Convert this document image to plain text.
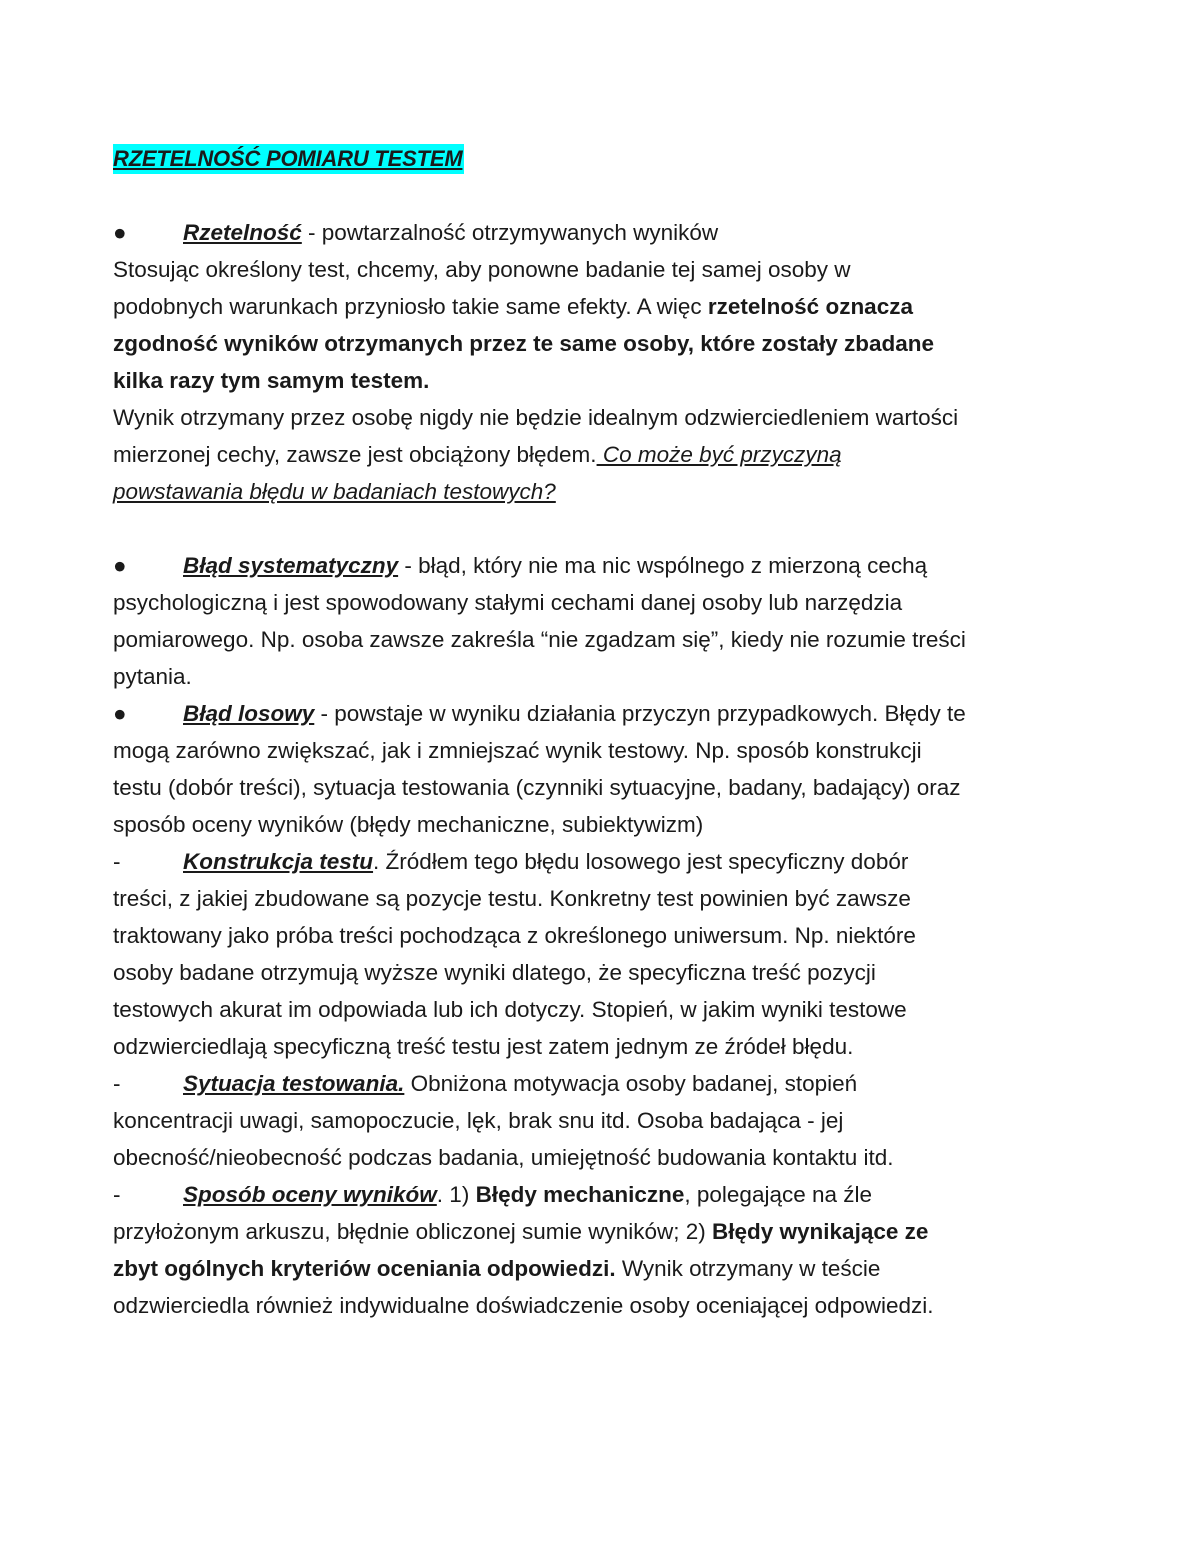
RZETELNOŚĆ POMIARU TESTEM
●	Rzetelność - powtarzalność otrzymywanych wyników
Stosując określony test, chcemy, aby ponowne badanie tej samej osoby w
podobnych warunkach przyniosło takie same efekty. A więc rzetelność oznacza
zgodność wyników otrzymanych przez te same osoby, które zostały zbadane
kilka razy tym samym testem.
Wynik otrzymany przez osobę nigdy nie będzie idealnym odzwierciedleniem wartości
mierzonej cechy, zawsze jest obciążony błędem. Co może być przyczyną
powstawania błędu w badaniach testowych?
●	Błąd systematyczny - błąd, który nie ma nic wspólnego z mierzoną cechą
psychologiczną i jest spowodowany stałymi cechami danej osoby lub narzędzia
pomiarowego. Np. osoba zawsze zakreśla “nie zgadzam się”, kiedy nie rozumie treści
pytania.
●	Błąd losowy - powstaje w wyniku działania przyczyn przypadkowych. Błędy te
mogą zarówno zwiększać, jak i zmniejszać wynik testowy. Np. sposób konstrukcji
testu (dobór treści), sytuacja testowania (czynniki sytuacyjne, badany, badający) oraz
sposób oceny wyników (błędy mechaniczne, subiektywizm)
-	Konstrukcja testu. Źródłem tego błędu losowego jest specyficzny dobór
treści, z jakiej zbudowane są pozycje testu. Konkretny test powinien być zawsze
traktowany jako próba treści pochodząca z określonego uniwersum. Np. niektóre
osoby badane otrzymują wyższe wyniki dlatego, że specyficzna treść pozycji
testowych akurat im odpowiada lub ich dotyczy. Stopień, w jakim wyniki testowe
odzwierciedlają specyficzną treść testu jest zatem jednym ze źródeł błędu.
-	Sytuacja testowania. Obniżona motywacja osoby badanej, stopień
koncentracji uwagi, samopoczucie, lęk, brak snu itd. Osoba badająca - jej
obecność/nieobecność podczas badania, umiejętność budowania kontaktu itd.
-	Sposób oceny wyników. 1) Błędy mechaniczne, polegające na źle
przyłożonym arkuszu, błędnie obliczonej sumie wyników; 2) Błędy wynikające ze
zbyt ogólnych kryteriów oceniania odpowiedzi. Wynik otrzymany w teście
odzwierciedla również indywidualne doświadczenie osoby oceniającej odpowiedzi.
